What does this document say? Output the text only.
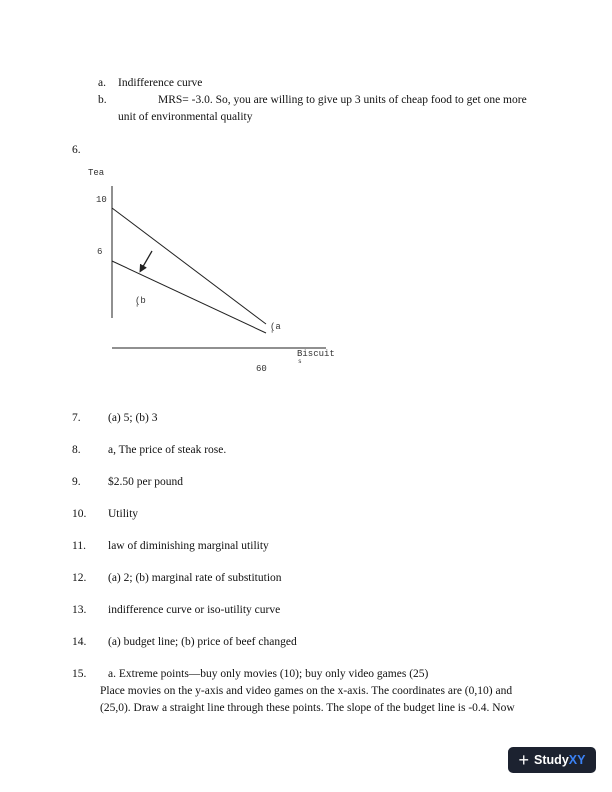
a. Indifference curve
b.	MRS= -3.0. So, you are willing to give up 3 units of cheap food to get one more
unit of environmental quality
6.
Tea
10
6
(b
'
(a
'
Biscuit
s
60
7. (a) 5; (b) 3
8. a, The price of steak rose.
9. $2.50 per pound
10. Utility
11. law of diminishing marginal utility
12. (a) 2; (b) marginal rate of substitution
13. indifference curve or iso-utility curve
14. (a) budget line; (b) price of beef changed
15. a. Extreme points—buy only movies (10); buy only video games (25)
Place movies on the y-axis and video games on the x-axis. The coordinates are (0,10) and
(25,0). Draw a straight line through these points. The slope of the budget line is -0.4. Now
+ Study XY
